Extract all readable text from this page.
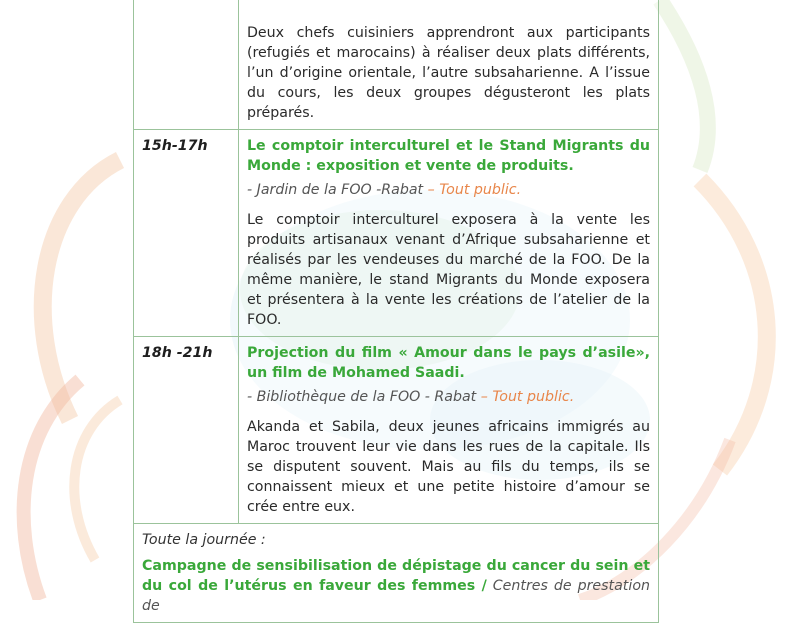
	Deux chefs cuisiniers apprendront aux participants (refugiés et marocains) à réaliser deux plats différents, l’un d’origine orientale, l’autre subsaharienne. A l’issue du cours, les deux groupes dégusteront les plats préparés.

15h-17h	Le comptoir interculturel et le Stand Migrants du Monde : exposition et vente de produits.
- Jardin de la FOO -Rabat – Tout public.

Le comptoir interculturel exposera à la vente les produits artisanaux venant d’Afrique subsaharienne et réalisés par les vendeuses du marché de la FOO. De la même manière, le stand Migrants du Monde exposera et présentera à la vente les créations de l’atelier de la FOO.

18h -21h	Projection du film « Amour dans le pays d’asile», un film de Mohamed Saadi.
- Bibliothèque de la FOO - Rabat – Tout public.

Akanda et Sabila, deux jeunes africains immigrés au Maroc trouvent leur vie dans les rues de la capitale. Ils se disputent souvent. Mais au fils du temps, ils se connaissent mieux et une petite histoire d’amour se crée entre eux.

Toute la journée :
Campagne de sensibilisation de dépistage du cancer du sein et du col de l’utérus en faveur des femmes / Centres de prestation de	
